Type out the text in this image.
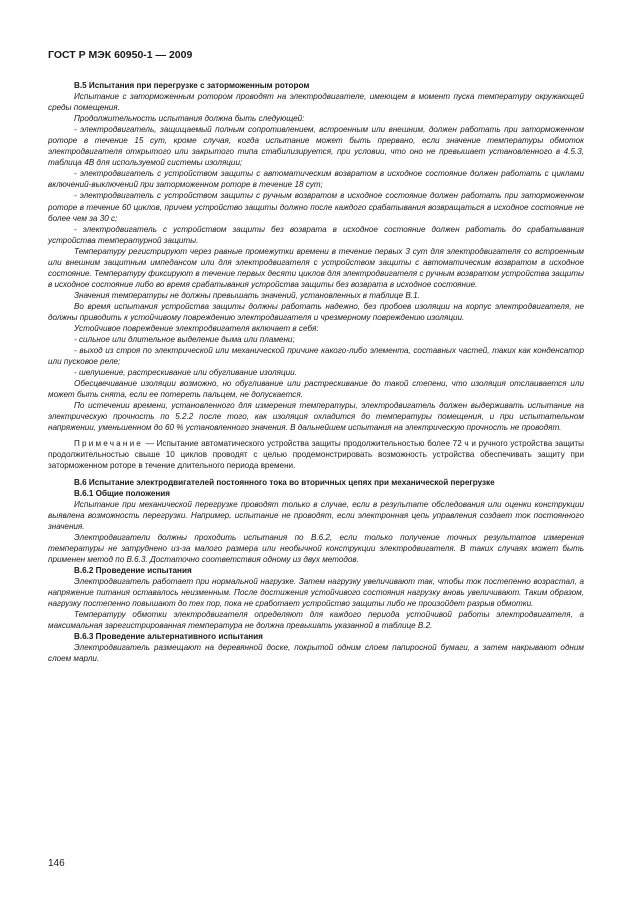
ГОСТ Р МЭК 60950-1 — 2009

В.5 Испытания при перегрузке с заторможенным ротором

Испытание с заторможенным ротором проводят на электродвигателе, имеющем в момент пуска температуру окружающей среды помещения.

Продолжительность испытания должна быть следующей:

- электродвигатель, защищаемый полным сопротивлением, встроенным или внешним, должен работать при заторможенном роторе в течение 15 сут, кроме случая, когда испытание может быть прервано, если значение температуры обмоток электродвигателя открытого или закрытого типа стабилизируется, при условии, что оно не превышает установленного в 4.5.3, таблица 4В для используемой системы изоляции;

- электродвигатель с устройством защиты с автоматическим возвратом в исходное состояние должен работать с циклами включений-выключений при заторможенном роторе в течение 18 сут;

- электродвигатель с устройством защиты с ручным возвратом в исходное состояние должен работать при заторможенном роторе в течение 60 циклов, причем устройство защиты должно после каждого срабатывания возвращаться в исходное состояние не более чем за 30 с;

- электродвигатель с устройством защиты без возврата в исходное состояние должен работать до срабатывания устройства температурной защиты.

Температуру регистрируют через равные промежутки времени в течение первых 3 сут для электродвигателя со встроенным или внешним защитным импедансом или для электродвигателя с устройством защиты с автоматическим возвратом в исходное состояние. Температуру фиксируют в течение первых десяти циклов для электродвигателя с ручным возвратом устройства защиты в исходное состояние либо во время срабатывания устройства защиты без возврата в исходное состояние.

Значения температуры не должны превышать значений, установленных в таблице В.1.

Во время испытания устройства защиты должны работать надежно, без пробоев изоляции на корпус электродвигателя, не должны приводить к устойчивому повреждению электродвигателя и чрезмерному повреждению изоляции.

Устойчивое повреждение электродвигателя включает в себя:

- сильное или длительное выделение дыма или пламени;

- выход из строя по электрической или механической причине какого-либо элемента, составных частей, таких как конденсатор или пусковое реле;

- шелушение, растрескивание или обугливание изоляции.

Обесцвечивание изоляции возможно, но обугливание или растрескивание до такой степени, что изоляция отслаивается или может быть снята, если ее потереть пальцем, не допускается.

По истечении времени, установленного для измерения температуры, электродвигатель должен выдерживать испытание на электрическую прочность по 5.2.2 после того, как изоляция охладится до температуры помещения, и при испытательном напряжении, уменьшенном до 60 % установленного значения. В дальнейшем испытания на электрическую прочность не проводят.

Примечание — Испытание автоматического устройства защиты продолжительностью более 72 ч и ручного устройства защиты продолжительностью свыше 10 циклов проводят с целью продемонстрировать возможность устройства обеспечивать защиту при заторможенном роторе в течение длительного периода времени.

В.6 Испытание электродвигателей постоянного тока во вторичных цепях при механической перегрузке

В.6.1 Общие положения

Испытание при механической перегрузке проводят только в случае, если в результате обследования или оценки конструкции выявлена возможность перегрузки. Например, испытание не проводят, если электронная цепь управления создает ток постоянного значения.

Электродвигатели должны проходить испытания по В.6.2, если только получение точных результатов измерения температуры не затруднено из-за малого размера или необычной конструкции электродвигателя. В таких случаях может быть применен метод по В.6.3. Достаточно соответствия одному из двух методов.

В.6.2 Проведение испытания

Электродвигатель работает при нормальной нагрузке. Затем нагрузку увеличивают так, чтобы ток постепенно возрастал, а напряжение питания оставалось неизменным. После достижения устойчивого состояния нагрузку вновь увеличивают. Таким образом, нагрузку постепенно повышают до тех пор, пока не сработает устройство защиты либо не произойдет разрыв обмотки.

Температуру обмотки электродвигателя определяют для каждого периода устойчивой работы электродвигателя, а максимальная зарегистрированная температура не должна превышать указанной в таблице В.2.

В.6.3 Проведение альтернативного испытания

Электродвигатель размещают на деревянной доске, покрытой одним слоем папиросной бумаги, а затем накрывают одним слоем марли.

146
